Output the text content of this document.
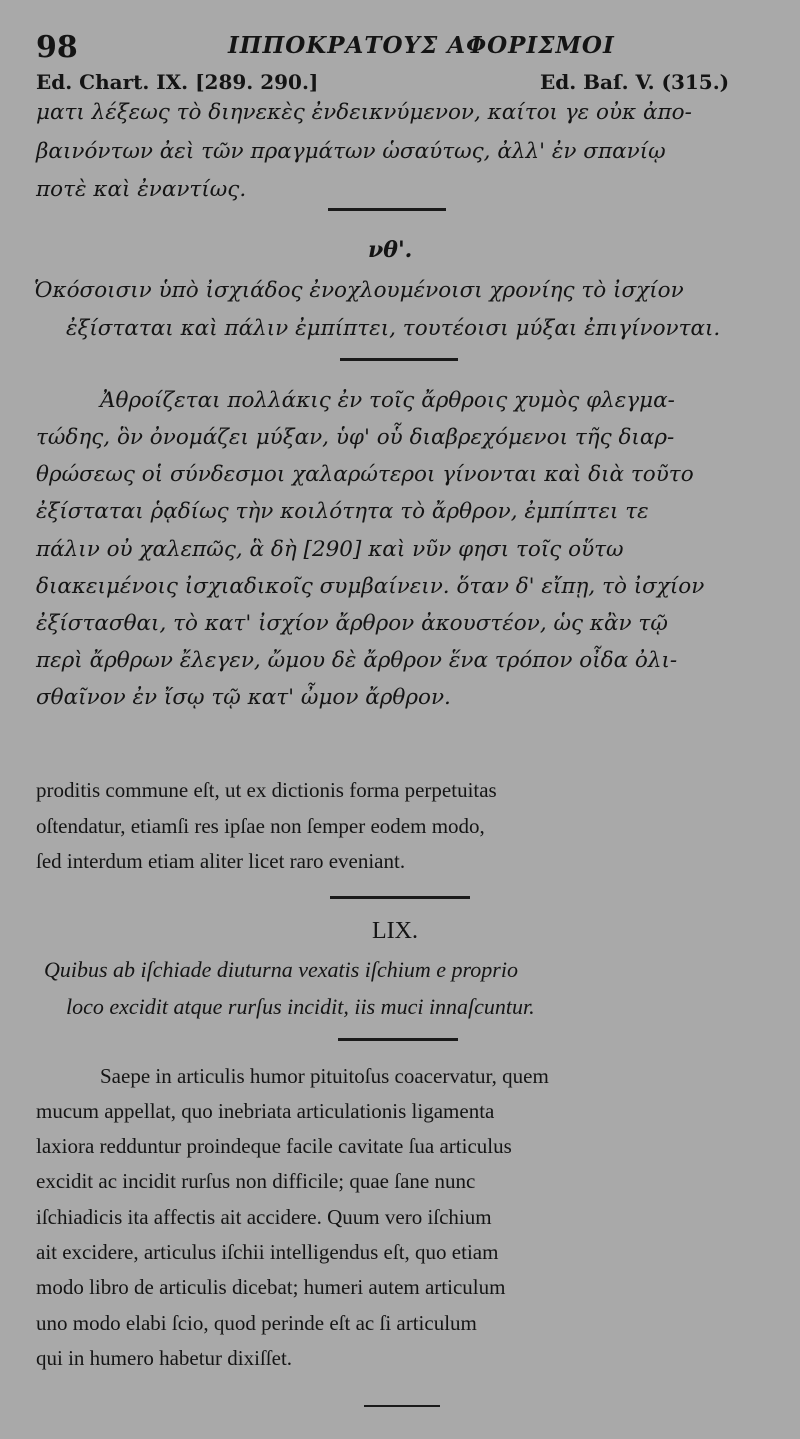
98	ΙΠΠΟΚΡΑΤΟΥΣ ΑΦΟΡΙΣΜΟΙ
Ed. Chart. IX. [289. 290.]	Ed. Baſ. V. (315.)
ματι λέξεως τὸ διηνεκὲς ἐνδεικνύμενον, καίτοι γε οὐκ ἀπο-
βαινόντων ἀεὶ τῶν πραγμάτων ὡσαύτως, ἀλλ' ἐν σπανίῳ
ποτὲ καὶ ἐναντίως.
νθ'.
Ὁκόσοισιν ὑπὸ ἰσχιάδος ἐνοχλουμένοισι χρονίης τὸ ἰσχίον
ἐξίσταται καὶ πάλιν ἐμπίπτει, τουτέοισι μύξαι ἐπιγίνονται.
Ἀθροίζεται πολλάκις ἐν τοῖς ἄρθροις χυμὸς φλεγμα-
τώδης, ὃν ὀνομάζει μύξαν, ὑφ' οὗ διαβρεχόμενοι τῆς διαρ-
θρώσεως οἱ σύνδεσμοι χαλαρώτεροι γίνονται καὶ διὰ τοῦτο
ἐξίσταται ῥᾳδίως τὴν κοιλότητα τὸ ἄρθρον, ἐμπίπτει τε
πάλιν οὐ χαλεπῶς, ἃ δὴ [290] καὶ νῦν φησι τοῖς οὕτω
διακειμένοις ἰσχιαδικοῖς συμβαίνειν. ὅταν δ' εἴπῃ, τὸ ἰσχίον
ἐξίστασθαι, τὸ κατ' ἰσχίον ἄρθρον ἀκουστέον, ὡς κἂν τῷ
περὶ ἄρθρων ἔλεγεν, ὤμου δὲ ἄρθρον ἕνα τρόπον οἶδα ὀλι-
σθαῖνον ἐν ἴσῳ τῷ κατ' ὦμον ἄρθρον.
proditis commune eſt, ut ex dictionis forma perpetuitas
oſtendatur, etiamſi res ipſae non ſemper eodem modo,
ſed interdum etiam aliter licet raro eveniant.
LIX.
Quibus ab iſchiade diuturna vexatis iſchium e proprio
loco excidit atque rurſus incidit, iis muci innaſcuntur.
Saepe in articulis humor pituitoſus coacervatur, quem
mucum appellat, quo inebriata articulationis ligamenta
laxiora redduntur proindeque facile cavitate ſua articulus
excidit ac incidit rurſus non difficile; quae ſane nunc
iſchiadicis ita affectis ait accidere. Quum vero iſchium
ait excidere, articulus iſchii intelligendus eſt, quo etiam
modo libro de articulis dicebat; humeri autem articulum
uno modo elabi ſcio, quod perinde eſt ac ſi articulum
qui in humero habetur dixiſſet.
